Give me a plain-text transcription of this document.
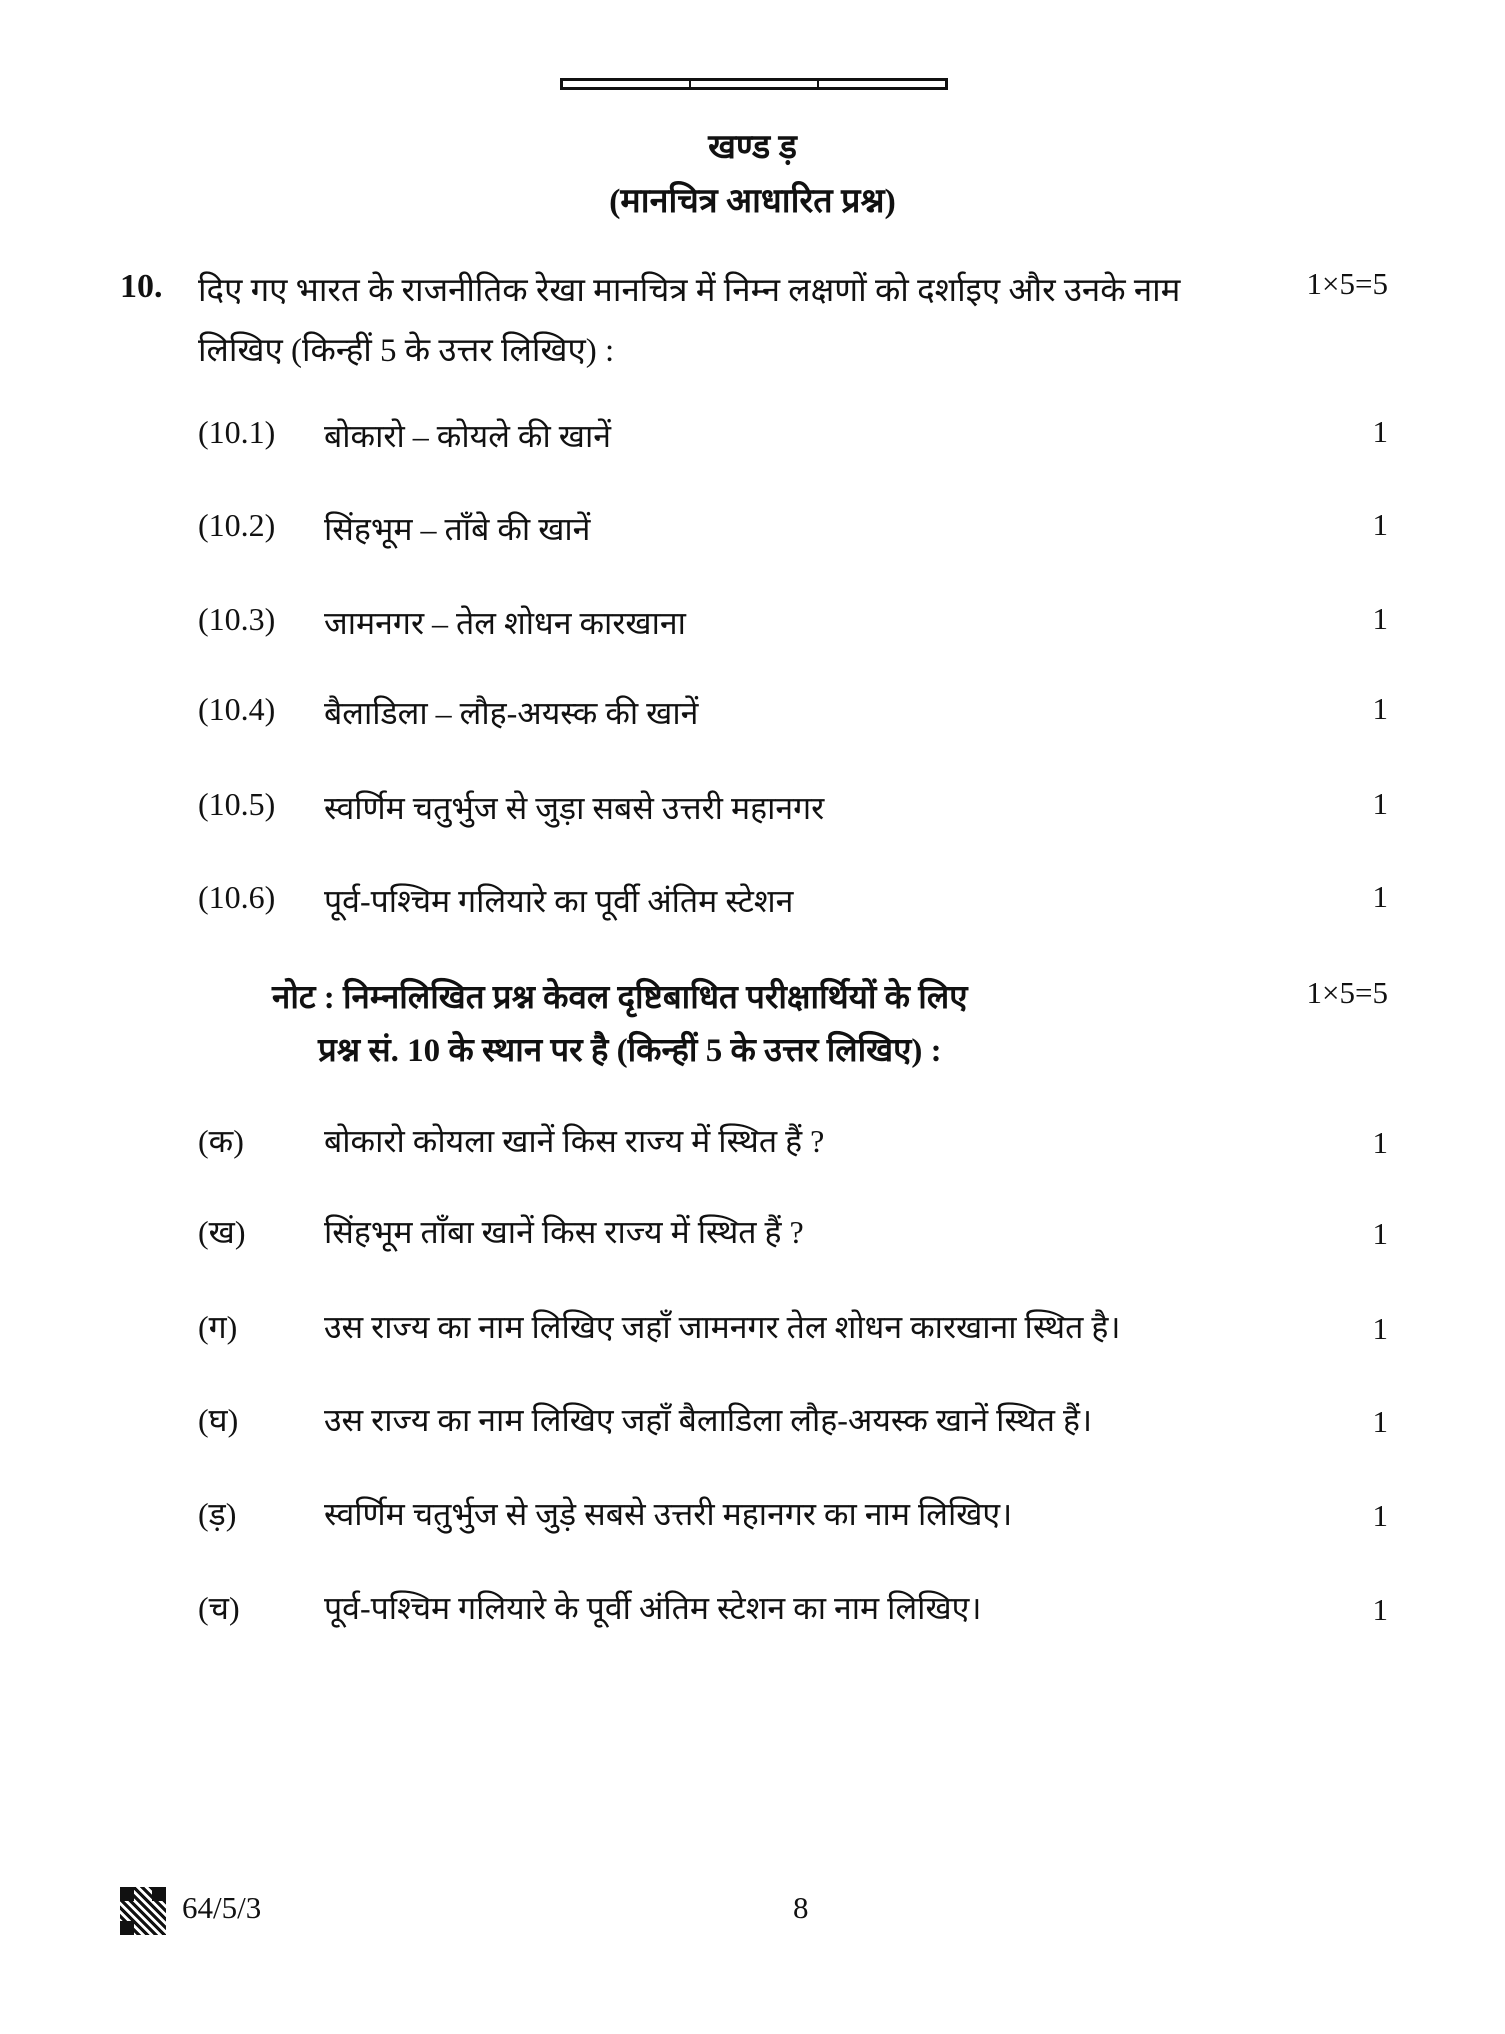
खण्ड ड़
(मानचित्र आधारित प्रश्न)
10. दिए गए भारत के राजनीतिक रेखा मानचित्र में निम्न लक्षणों को दर्शाइए और उनके नाम
लिखिए (किन्हीं 5 के उत्तर लिखिए) :
1×5=5
(10.1) बोकारो – कोयले की खानें	1
(10.2) सिंहभूम – ताँबे की खानें	1
(10.3) जामनगर – तेल शोधन कारखाना	1
(10.4) बैलाडिला – लौह-अयस्क की खानें	1
(10.5) स्वर्णिम चतुर्भुज से जुड़ा सबसे उत्तरी महानगर	1
(10.6) पूर्व-पश्चिम गलियारे का पूर्वी अंतिम स्टेशन	1
नोट : निम्नलिखित प्रश्न केवल दृष्टिबाधित परीक्षार्थियों के लिए
प्रश्न सं. 10 के स्थान पर है (किन्हीं 5 के उत्तर लिखिए) :
1×5=5
(क)	बोकारो कोयला खानें किस राज्य में स्थित हैं ?	1
(ख) सिंहभूम ताँबा खानें किस राज्य में स्थित हैं ?	1
(ग)	उस राज्य का नाम लिखिए जहाँ जामनगर तेल शोधन कारखाना स्थित है।	1
(घ)	उस राज्य का नाम लिखिए जहाँ बैलाडिला लौह-अयस्क खानें स्थित हैं।	1
(ड़)	स्वर्णिम चतुर्भुज से जुड़े सबसे उत्तरी महानगर का नाम लिखिए।	1
(च)	पूर्व-पश्चिम गलियारे के पूर्वी अंतिम स्टेशन का नाम लिखिए।	1
64/5/3	8
